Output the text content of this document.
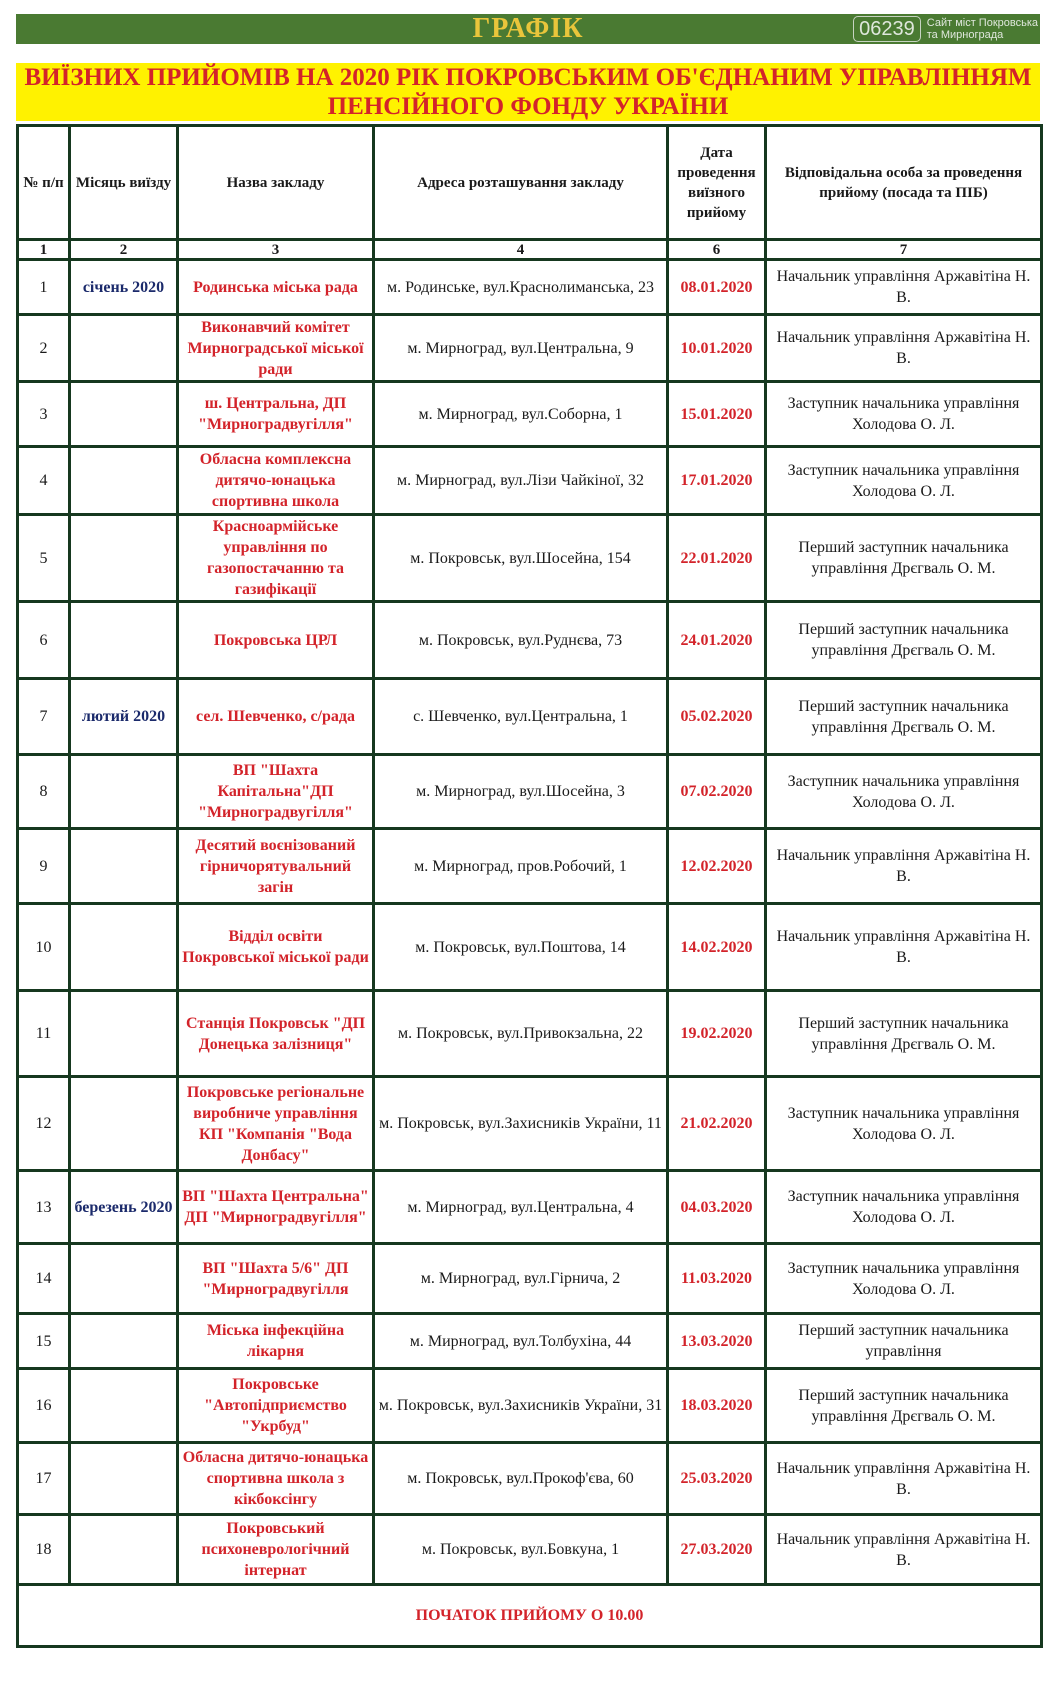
ГРАФІК	06239	Сайт міст Покровська
та Мирнограда
ВИЇЗНИХ ПРИЙОМІВ НА 2020 РІК ПОКРОВСЬКИМ ОБ'ЄДНАНИМ УПРАВЛІННЯМ
ПЕНСІЙНОГО ФОНДУ УКРАЇНИ
№ п/п	Місяць виїзду	Назва закладу	Адреса розташування закладу	Дата проведення виїзного прийому	Відповідальна особа за проведення прийому (посада та ПІБ)
1	2	3	4	6	7
1	січень 2020	Родинська міська рада	м. Родинське, вул.Краснолиманська, 23	08.01.2020	Начальник управління Аржавітіна Н. В.
2		Виконавчий комітет Мирноградської міської ради	м. Мирноград, вул.Центральна, 9	10.01.2020	Начальник управління Аржавітіна Н. В.
3		ш. Центральна, ДП "Мирноградвугілля"	м. Мирноград, вул.Соборна, 1	15.01.2020	Заступник начальника управління Холодова О. Л.
4		Обласна комплексна дитячо-юнацька спортивна школа	м. Мирноград, вул.Лізи Чайкіної, 32	17.01.2020	Заступник начальника управління Холодова О. Л.
5		Красноармійське управління по газопостачанню та газифікації	м. Покровськ, вул.Шосейна, 154	22.01.2020	Перший заступник начальника управління Дрєгваль О. М.
6		Покровська ЦРЛ	м. Покровськ, вул.Руднєва, 73	24.01.2020	Перший заступник начальника управління Дрєгваль О. М.
7	лютий 2020	сел. Шевченко, с/рада	с. Шевченко, вул.Центральна, 1	05.02.2020	Перший заступник начальника управління Дрєгваль О. М.
8		ВП "Шахта Капітальна"ДП "Мирноградвугілля"	м. Мирноград, вул.Шосейна, 3	07.02.2020	Заступник начальника управління Холодова О. Л.
9		Десятий воєнізований гірничорятувальний загін	м. Мирноград, пров.Робочий, 1	12.02.2020	Начальник управління Аржавітіна Н. В.
10		Відділ освіти Покровської міської ради	м. Покровськ, вул.Поштова, 14	14.02.2020	Начальник управління Аржавітіна Н. В.
11		Станція Покровськ "ДП Донецька залізниця"	м. Покровськ, вул.Привокзальна, 22	19.02.2020	Перший заступник начальника управління Дрєгваль О. М.
12		Покровське регіональне виробниче управління КП "Компанія "Вода Донбасу"	м. Покровськ, вул.Захисників України, 11	21.02.2020	Заступник начальника управління Холодова О. Л.
13	березень 2020	ВП "Шахта Центральна" ДП "Мирноградвугілля"	м. Мирноград, вул.Центральна, 4	04.03.2020	Заступник начальника управління Холодова О. Л.
14		ВП "Шахта 5/6" ДП "Мирноградвугілля	м. Мирноград, вул.Гірнича, 2	11.03.2020	Заступник начальника управління Холодова О. Л.
15		Міська інфекційна лікарня	м. Мирноград, вул.Толбухіна, 44	13.03.2020	Перший заступник начальника управління
16		Покровське "Автопідприємство "Укрбуд"	м. Покровськ, вул.Захисників України, 31	18.03.2020	Перший заступник начальника управління Дрєгваль О. М.
17		Обласна дитячо-юнацька спортивна школа з кікбоксінгу	м. Покровськ, вул.Прокоф'єва, 60	25.03.2020	Начальник управління Аржавітіна Н. В.
18		Покровський психоневрологічний інтернат	м. Покровськ, вул.Бовкуна, 1	27.03.2020	Начальник управління Аржавітіна Н. В.
ПОЧАТОК ПРИЙОМУ О 10.00					
